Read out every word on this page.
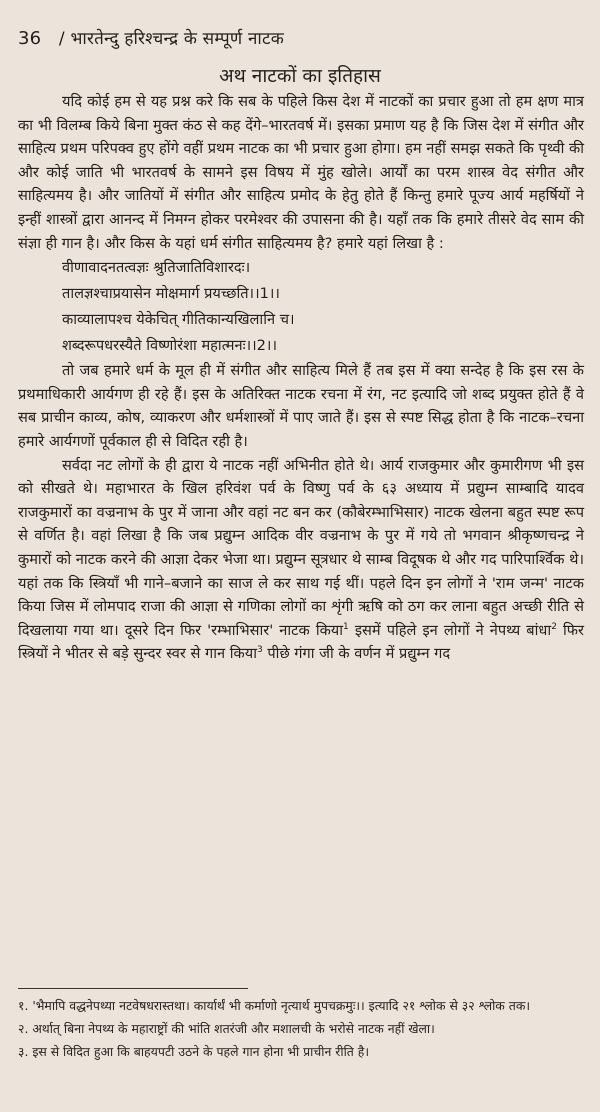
36 / भारतेन्दु हरिश्चन्द्र के सम्पूर्ण नाटक
अथ नाटकों का इतिहास

यदि कोई हम से यह प्रश्न करे कि सब के पहिले किस देश में नाटकों का प्रचार हुआ तो हम क्षण मात्र का भी विलम्ब किये बिना मुक्त कंठ से कह देंगे–भारतवर्ष में। इसका प्रमाण यह है कि जिस देश में संगीत और साहित्य प्रथम परिपक्व हुए होंगे वहीं प्रथम नाटक का भी प्रचार हुआ होगा। हम नहीं समझ सकते कि पृथ्वी की और कोई जाति भी भारतवर्ष के सामने इस विषय में मुंह खोले। आर्यों का परम शास्त्र वेद संगीत और साहित्यमय है। और जातियों में संगीत और साहित्य प्रमोद के हेतु होते हैं किन्तु हमारे पूज्य आर्य महर्षियों ने इन्हीं शास्त्रों द्वारा आनन्द में निमग्न होकर परमेश्वर की उपासना की है। यहाँ तक कि हमारे तीसरे वेद साम की संज्ञा ही गान है। और किस के यहां धर्म संगीत साहित्यमय है? हमारे यहां लिखा है :

वीणावादनतत्वज्ञः श्रुतिजातिविशारदः।
तालज्ञश्चाप्रयासेन मोक्षमार्ग प्रयच्छति।।1।।
काव्यालापश्च येकेचित् गीतिकान्यखिलानि च।
शब्दरूपधरस्यैते विष्णोरंशा महात्मनः।।2।।

तो जब हमारे धर्म के मूल ही में संगीत और साहित्य मिले हैं तब इस में क्या सन्देह है कि इस रस के प्रथमाधिकारी आर्यगण ही रहे हैं। इस के अतिरिक्त नाटक रचना में रंग, नट इत्यादि जो शब्द प्रयुक्त होते हैं वे सब प्राचीन काव्य, कोष, व्याकरण और धर्मशास्त्रों में पाए जाते हैं। इस से स्पष्ट सिद्ध होता है कि नाटक–रचना हमारे आर्यगणों पूर्वकाल ही से विदित रही है।

सर्वदा नट लोगों के ही द्वारा ये नाटक नहीं अभिनीत होते थे। आर्य राजकुमार और कुमारीगण भी इस को सीखते थे। महाभारत के खिल हरिवंश पर्व के विष्णु पर्व के ६३ अध्याय में प्रद्युम्न साम्बादि यादव राजकुमारों का वज्रनाभ के पुर में जाना और वहां नट बन कर (कौबेरम्भाभिसार) नाटक खेलना बहुत स्पष्ट रूप से वर्णित है। वहां लिखा है कि जब प्रद्युम्न आदिक वीर वज्रनाभ के पुर में गये तो भगवान श्रीकृष्णचन्द्र ने कुमारों को नाटक करने की आज्ञा देकर भेजा था। प्रद्युम्न सूत्रधार थे साम्ब विदूषक थे और गद पारिपार्श्विक थे। यहां तक कि स्त्रियाँ भी गाने–बजाने का साज ले कर साथ गई थीं। पहले दिन इन लोगों ने 'राम जन्म' नाटक किया जिस में लोमपाद राजा की आज्ञा से गणिका लोगों का शृंगी ऋषि को ठग कर लाना बहुत अच्छी रीति से दिखलाया गया था। दूसरे दिन फिर 'रम्भाभिसार' नाटक किया$^1$ इसमें पहिले इन लोगों ने नेपथ्य बांधा$^2$ फिर स्त्रियों ने भीतर से बड़े सुन्दर स्वर से गान किया$^3$ पीछे गंगा जी के वर्णन में प्रद्युम्न गद

१. 'भैमापि वद्धनेपथ्या नटवेषधरास्तथा। कार्यार्थं भी कर्माणो नृत्यार्थ मुपचक्रमुः।। इत्यादि २१ श्लोक से ३२ श्लोक तक।
२. अर्थात् बिना नेपथ्य के महाराष्ट्रों की भांति शतरंजी और मशालची के भरोसे नाटक नहीं खेला।
३. इस से विदित हुआ कि बाहयपटी उठने के पहले गान होना भी प्राचीन रीति है।
